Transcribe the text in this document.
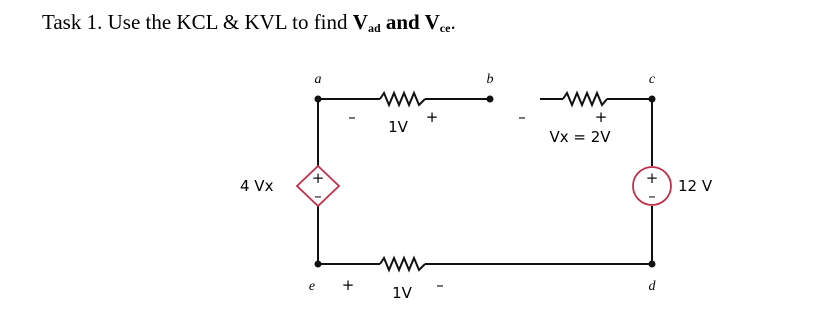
Task 1. Use the KCL & KVL to find $V_{ad}$ and $V_{ce}$.
+
–
+
–
a	b	c
d
e
–
1V
+	–	+
Vx = 2V
+	1V –
4 Vx	12 V
